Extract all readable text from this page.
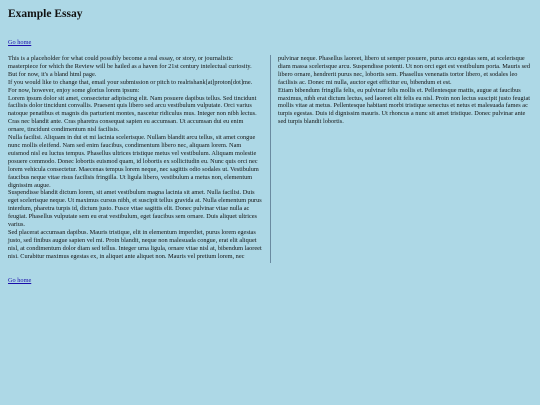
Example Essay
Go home

This is a placeholder for what could possibly become a real essay, or story, or journalistic masterpiece for which the Review will be hailed as a haven for 21st century intelectual curiosity.

But for now, it's a bland html page.

If you would like to change that, email your submission or pitch to realrishank[at]proton[dot]me.

For now, however, enjoy some glorius lorem ipsum:

Lorem ipsum dolor sit amet, consectetur adipiscing elit. Nam posuere dapibus tellus. Sed tincidunt facilisis dolor tincidunt convallis. Praesent quis libero sed arcu vestibulum vulputate. Orci varius natoque penatibus et magnis dis parturient montes, nascetur ridiculus mus. Integer non nibh lectus. Cras nec blandit ante. Cras pharetra consequat sapien eu accumsan. Ut accumsan dui eu enim ornare, tincidunt condimentum nisl facilisis.

Nulla facilisi. Aliquam in dui et mi lacinia scelerisque. Nullam blandit arcu tellus, sit amet congue nunc mollis eleifend. Nam sed enim faucibus, condimentum libero nec, aliquam lorem. Nam euismod nisl eu luctus tempus. Phasellus ultrices tristique metus vel vestibulum. Aliquam molestie posuere commodo. Donec lobortis euismod quam, id lobortis ex sollicitudin eu. Nunc quis orci nec lorem vehicula consectetur. Maecenas tempus lorem neque, nec sagittis odio sodales ut. Vestibulum faucibus neque vitae risus facilisis fringilla. Ut ligula libero, vestibulum a metus non, elementum dignissim augue.

Suspendisse blandit dictum lorem, sit amet vestibulum magna lacinia sit amet. Nulla facilisi. Duis eget scelerisque neque. Ut maximus cursus nibh, et suscipit tellus gravida at. Nulla elementum purus interdum, pharetra turpis id, dictum justo. Fusce vitae sagittis elit. Donec pulvinar vitae nulla ac feugiat. Phasellus vulputate sem eu erat vestibulum, eget faucibus sem ornare. Duis aliquet ultrices varius.

Sed placerat accumsan dapibus. Mauris tristique, elit in elementum imperdiet, purus lorem egestas justo, sed finibus augue sapien vel mi. Proin blandit, neque non malesuada congue, erat elit aliquet nisl, at condimentum dolor diam sed tellus. Integer urna ligula, ornare vitae nisl at, bibendum laoreet nisi. Curabitur maximus egestas ex, in aliquet ante aliquet non. Mauris vel pretium lorem, nec pulvinar neque. Phasellus laoreet, libero ut semper posuere, purus arcu egestas sem, at scelerisque diam massa scelerisque arcu. Suspendisse potenti. Ut non orci eget est vestibulum porta. Mauris sed libero ornare, hendrerit purus nec, lobortis sem. Phasellus venenatis tortor libero, et sodales leo facilisis ac. Donec mi nulla, auctor eget efficitur eu, bibendum et est.

Etiam bibendum fringilla felis, eu pulvinar felis mollis et. Pellentesque mattis, augue at faucibus maximus, nibh erat dictum lectus, sed laoreet elit felis eu nisl. Proin non lectus suscipit justo feugiat mollis vitae at metus. Pellentesque habitant morbi tristique senectus et netus et malesuada fames ac turpis egestas. Duis id dignissim mauris. Ut rhoncus a nunc sit amet tristique. Donec pulvinar ante sed turpis blandit lobortis.

Go home
